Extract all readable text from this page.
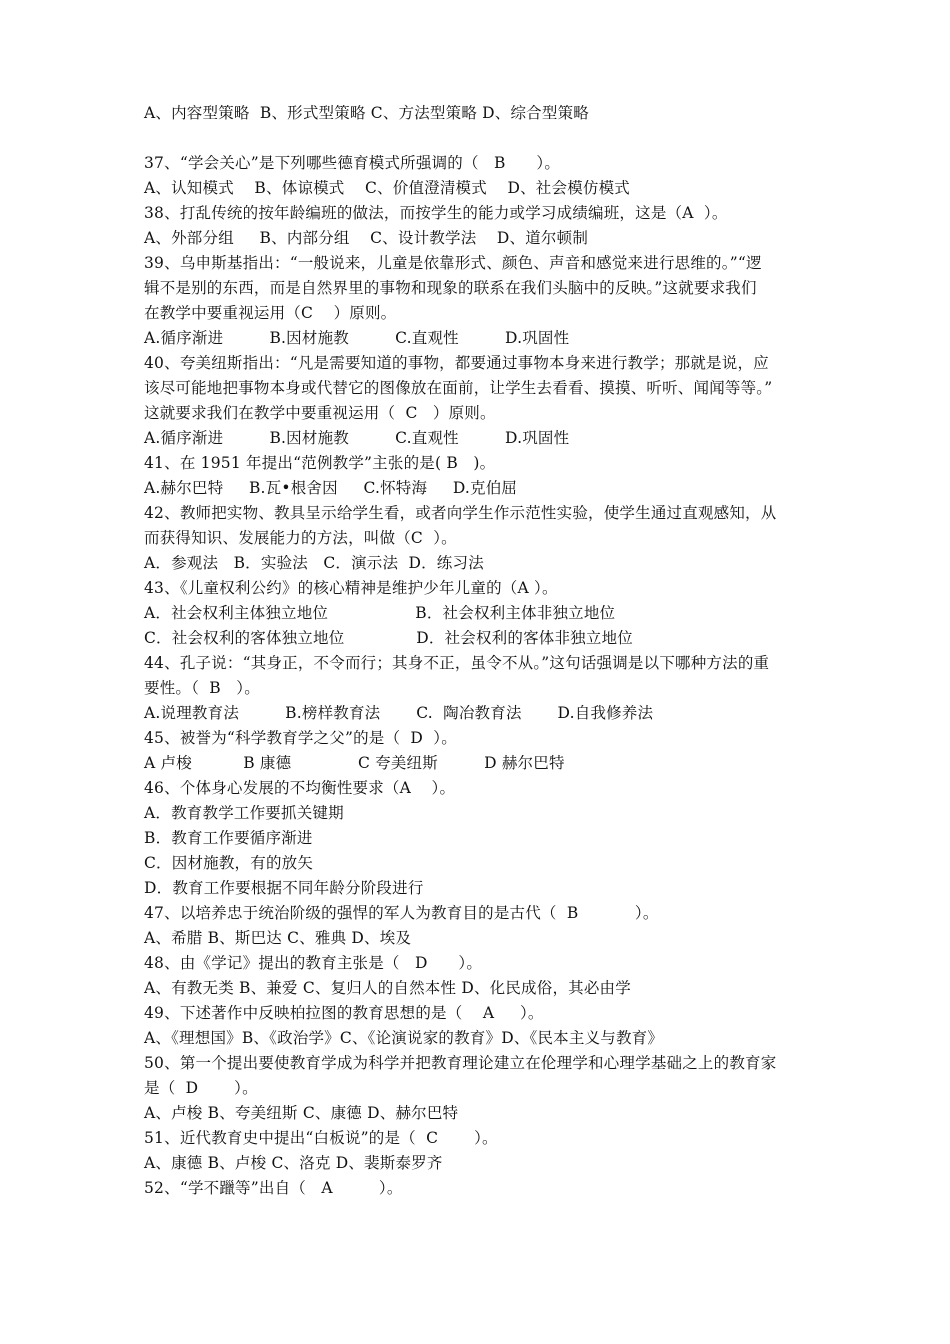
A、内容型策略  B、形式型策略 C、方法型策略 D、综合型策略
37、“学会关心”是下列哪些德育模式所强调的（   B      ）。
A、认知模式    B、体谅模式    C、价值澄清模式    D、社会模仿模式
38、打乱传统的按年龄编班的做法，而按学生的能力或学习成绩编班，这是（A  ）。
A、外部分组     B、内部分组    C、设计教学法    D、道尔顿制
39、乌申斯基指出：“一般说来，儿童是依靠形式、颜色、声音和感觉来进行思维的。”“逻
辑不是别的东西，而是自然界里的事物和现象的联系在我们头脑中的反映。”这就要求我们
在教学中要重视运用（C    ）原则。
A.循序渐进         B.因材施教         C.直观性         D.巩固性
40、夸美纽斯指出：“凡是需要知道的事物，都要通过事物本身来进行教学；那就是说，应
该尽可能地把事物本身或代替它的图像放在面前，让学生去看看、摸摸、听听、闻闻等等。”
这就要求我们在教学中要重视运用（  C   ）原则。
A.循序渐进         B.因材施教         C.直观性         D.巩固性
41、在 1951 年提出“范例教学”主张的是( B   )。
A.赫尔巴特     B.瓦•根舍因     C.怀特海     D.克伯屈
42、教师把实物、教具呈示给学生看，或者向学生作示范性实验，使学生通过直观感知，从
而获得知识、发展能力的方法，叫做（C  ）。
A．参观法   B．实验法   C．演示法  D．练习法
43、《儿童权利公约》的核心精神是维护少年儿童的（A ）。
A．社会权利主体独立地位                 B．社会权利主体非独立地位
C．社会权利的客体独立地位              D．社会权利的客体非独立地位
44、孔子说：“其身正，不令而行；其身不正，虽令不从。”这句话强调是以下哪种方法的重
要性。（  B   ）。
A.说理教育法         B.榜样教育法       C.  陶冶教育法       D.自我修养法
45、被誉为“科学教育学之父”的是（  D  ）。
A 卢梭          B 康德             C 夸美纽斯         D 赫尔巴特
46、个体身心发展的不均衡性要求（A    ）。
A．教育教学工作要抓关键期
B．教育工作要循序渐进
C．因材施教，有的放矢
D．教育工作要根据不同年龄分阶段进行
47、以培养忠于统治阶级的强悍的军人为教育目的是古代（  B           ）。
A、希腊 B、斯巴达 C、雅典 D、埃及
48、由《学记》提出的教育主张是（   D      ）。
A、有教无类 B、兼爱 C、复归人的自然本性 D、化民成俗，其必由学
49、下述著作中反映柏拉图的教育思想的是（    A     ）。
A、《理想国》B、《政治学》C、《论演说家的教育》D、《民本主义与教育》
50、第一个提出要使教育学成为科学并把教育理论建立在伦理学和心理学基础之上的教育家
是（  D       ）。
A、卢梭 B、夸美纽斯 C、康德 D、赫尔巴特
51、近代教育史中提出“白板说”的是（  C       ）。
A、康德 B、卢梭 C、洛克 D、裴斯泰罗齐
52、“学不躐等”出自（   A         ）。
